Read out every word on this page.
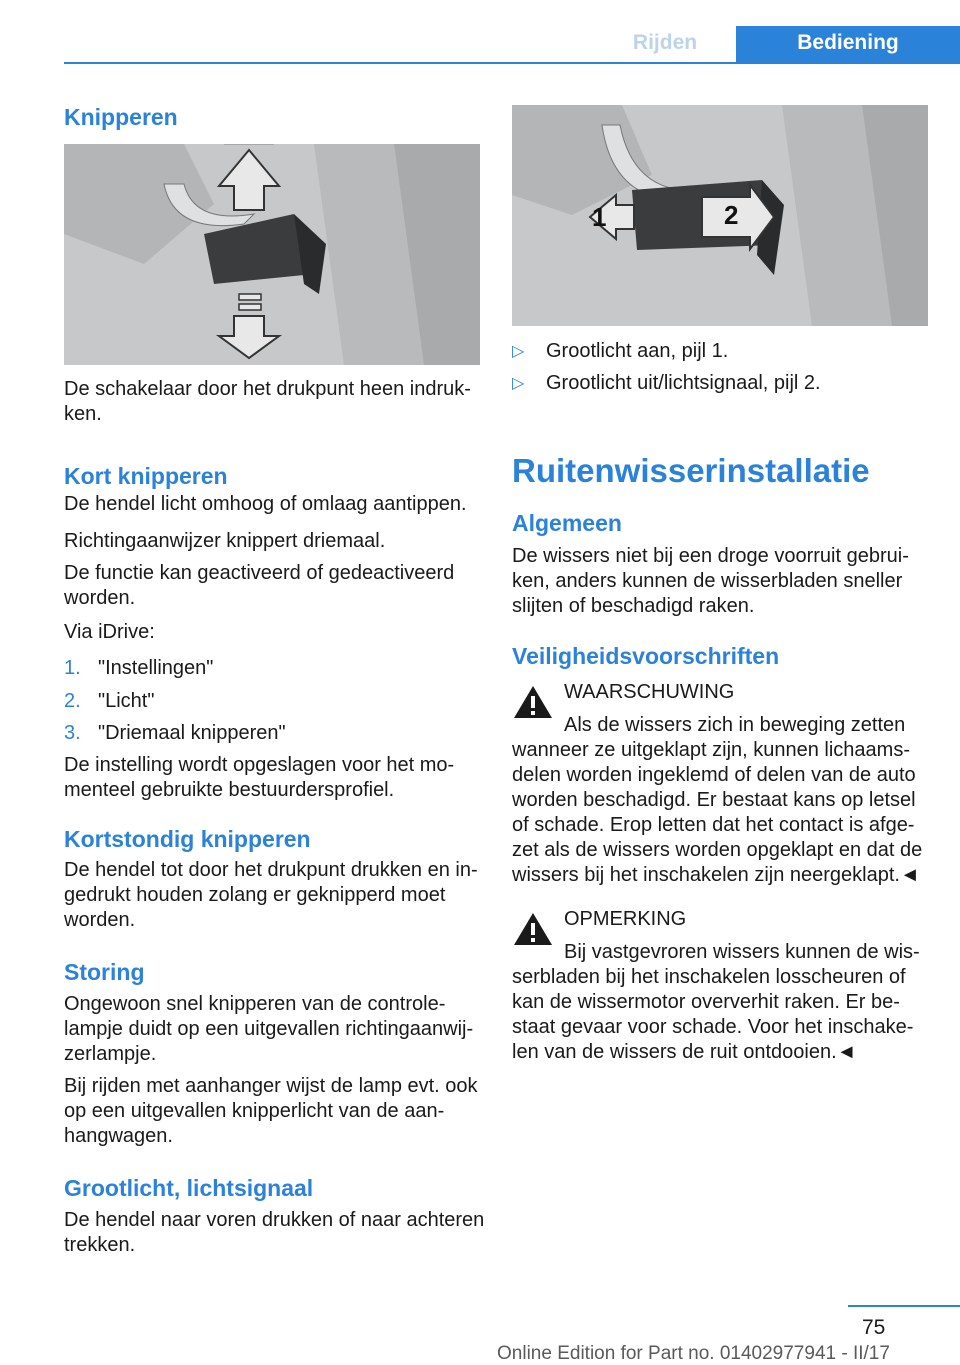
Rijden	Bediening
Knipperen
De schakelaar door het drukpunt heen indruk-
ken.
Kort knipperen
De hendel licht omhoog of omlaag aantippen.
Richtingaanwijzer knippert driemaal.
De functie kan geactiveerd of gedeactiveerd
worden.
Via iDrive:
1. "Instellingen"
2. "Licht"
3. "Driemaal knipperen"
De instelling wordt opgeslagen voor het mo-
menteel gebruikte bestuurdersprofiel.
Kortstondig knipperen
De hendel tot door het drukpunt drukken en in-
gedrukt houden zolang er geknipperd moet
worden.
Storing
Ongewoon snel knipperen van de controle-
lampje duidt op een uitgevallen richtingaanwij-
zerlampje.
Bij rijden met aanhanger wijst de lamp evt. ook
op een uitgevallen knipperlicht van de aan-
hangwagen.
Grootlicht, lichtsignaal
De hendel naar voren drukken of naar achteren
trekken.
1	2
▷ Grootlicht aan, pijl 1.
▷ Grootlicht uit/lichtsignaal, pijl 2.
Ruitenwisserinstallatie
Algemeen
De wissers niet bij een droge voorruit gebrui-
ken, anders kunnen de wisserbladen sneller
slijten of beschadigd raken.
Veiligheidsvoorschriften
WAARSCHUWING
Als de wissers zich in beweging zetten
wanneer ze uitgeklapt zijn, kunnen lichaams-
delen worden ingeklemd of delen van de auto
worden beschadigd. Er bestaat kans op letsel
of schade. Erop letten dat het contact is afge-
zet als de wissers worden opgeklapt en dat de
wissers bij het inschakelen zijn neergeklapt.◄
OPMERKING
Bij vastgevroren wissers kunnen de wis-
serbladen bij het inschakelen losscheuren of
kan de wissermotor oververhit raken. Er be-
staat gevaar voor schade. Voor het inschake-
len van de wissers de ruit ontdooien.◄
75
Online Edition for Part no. 01402977941 - II/17
